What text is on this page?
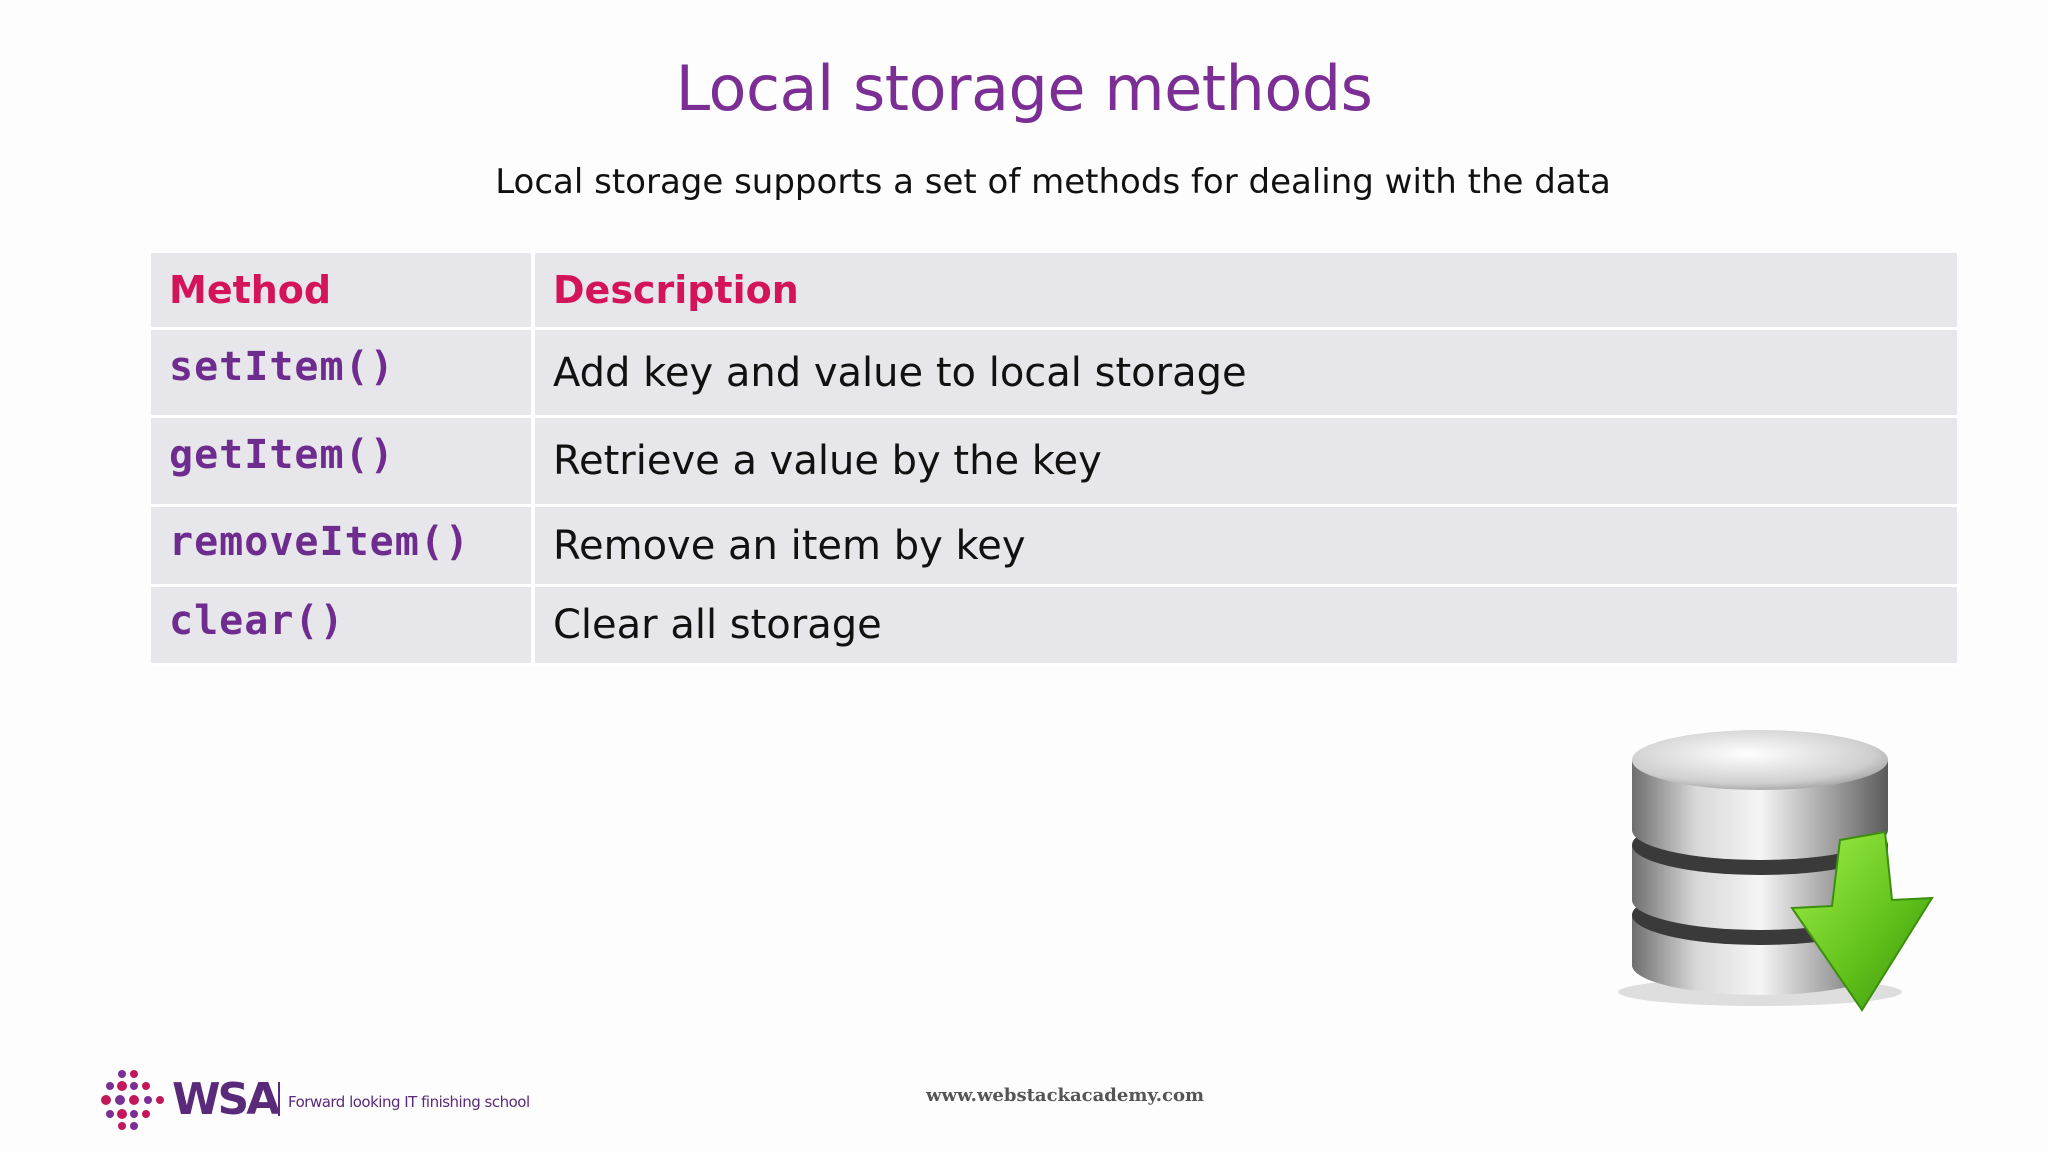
Local storage methods
Local storage supports a set of methods for dealing with the data
Method	Description
setItem()	Add key and value to local storage
getItem()	Retrieve a value by the key
removeItem()	Remove an item by key
clear()	Clear all storage
WSA Forward looking IT finishing school	www.webstackacademy.com
